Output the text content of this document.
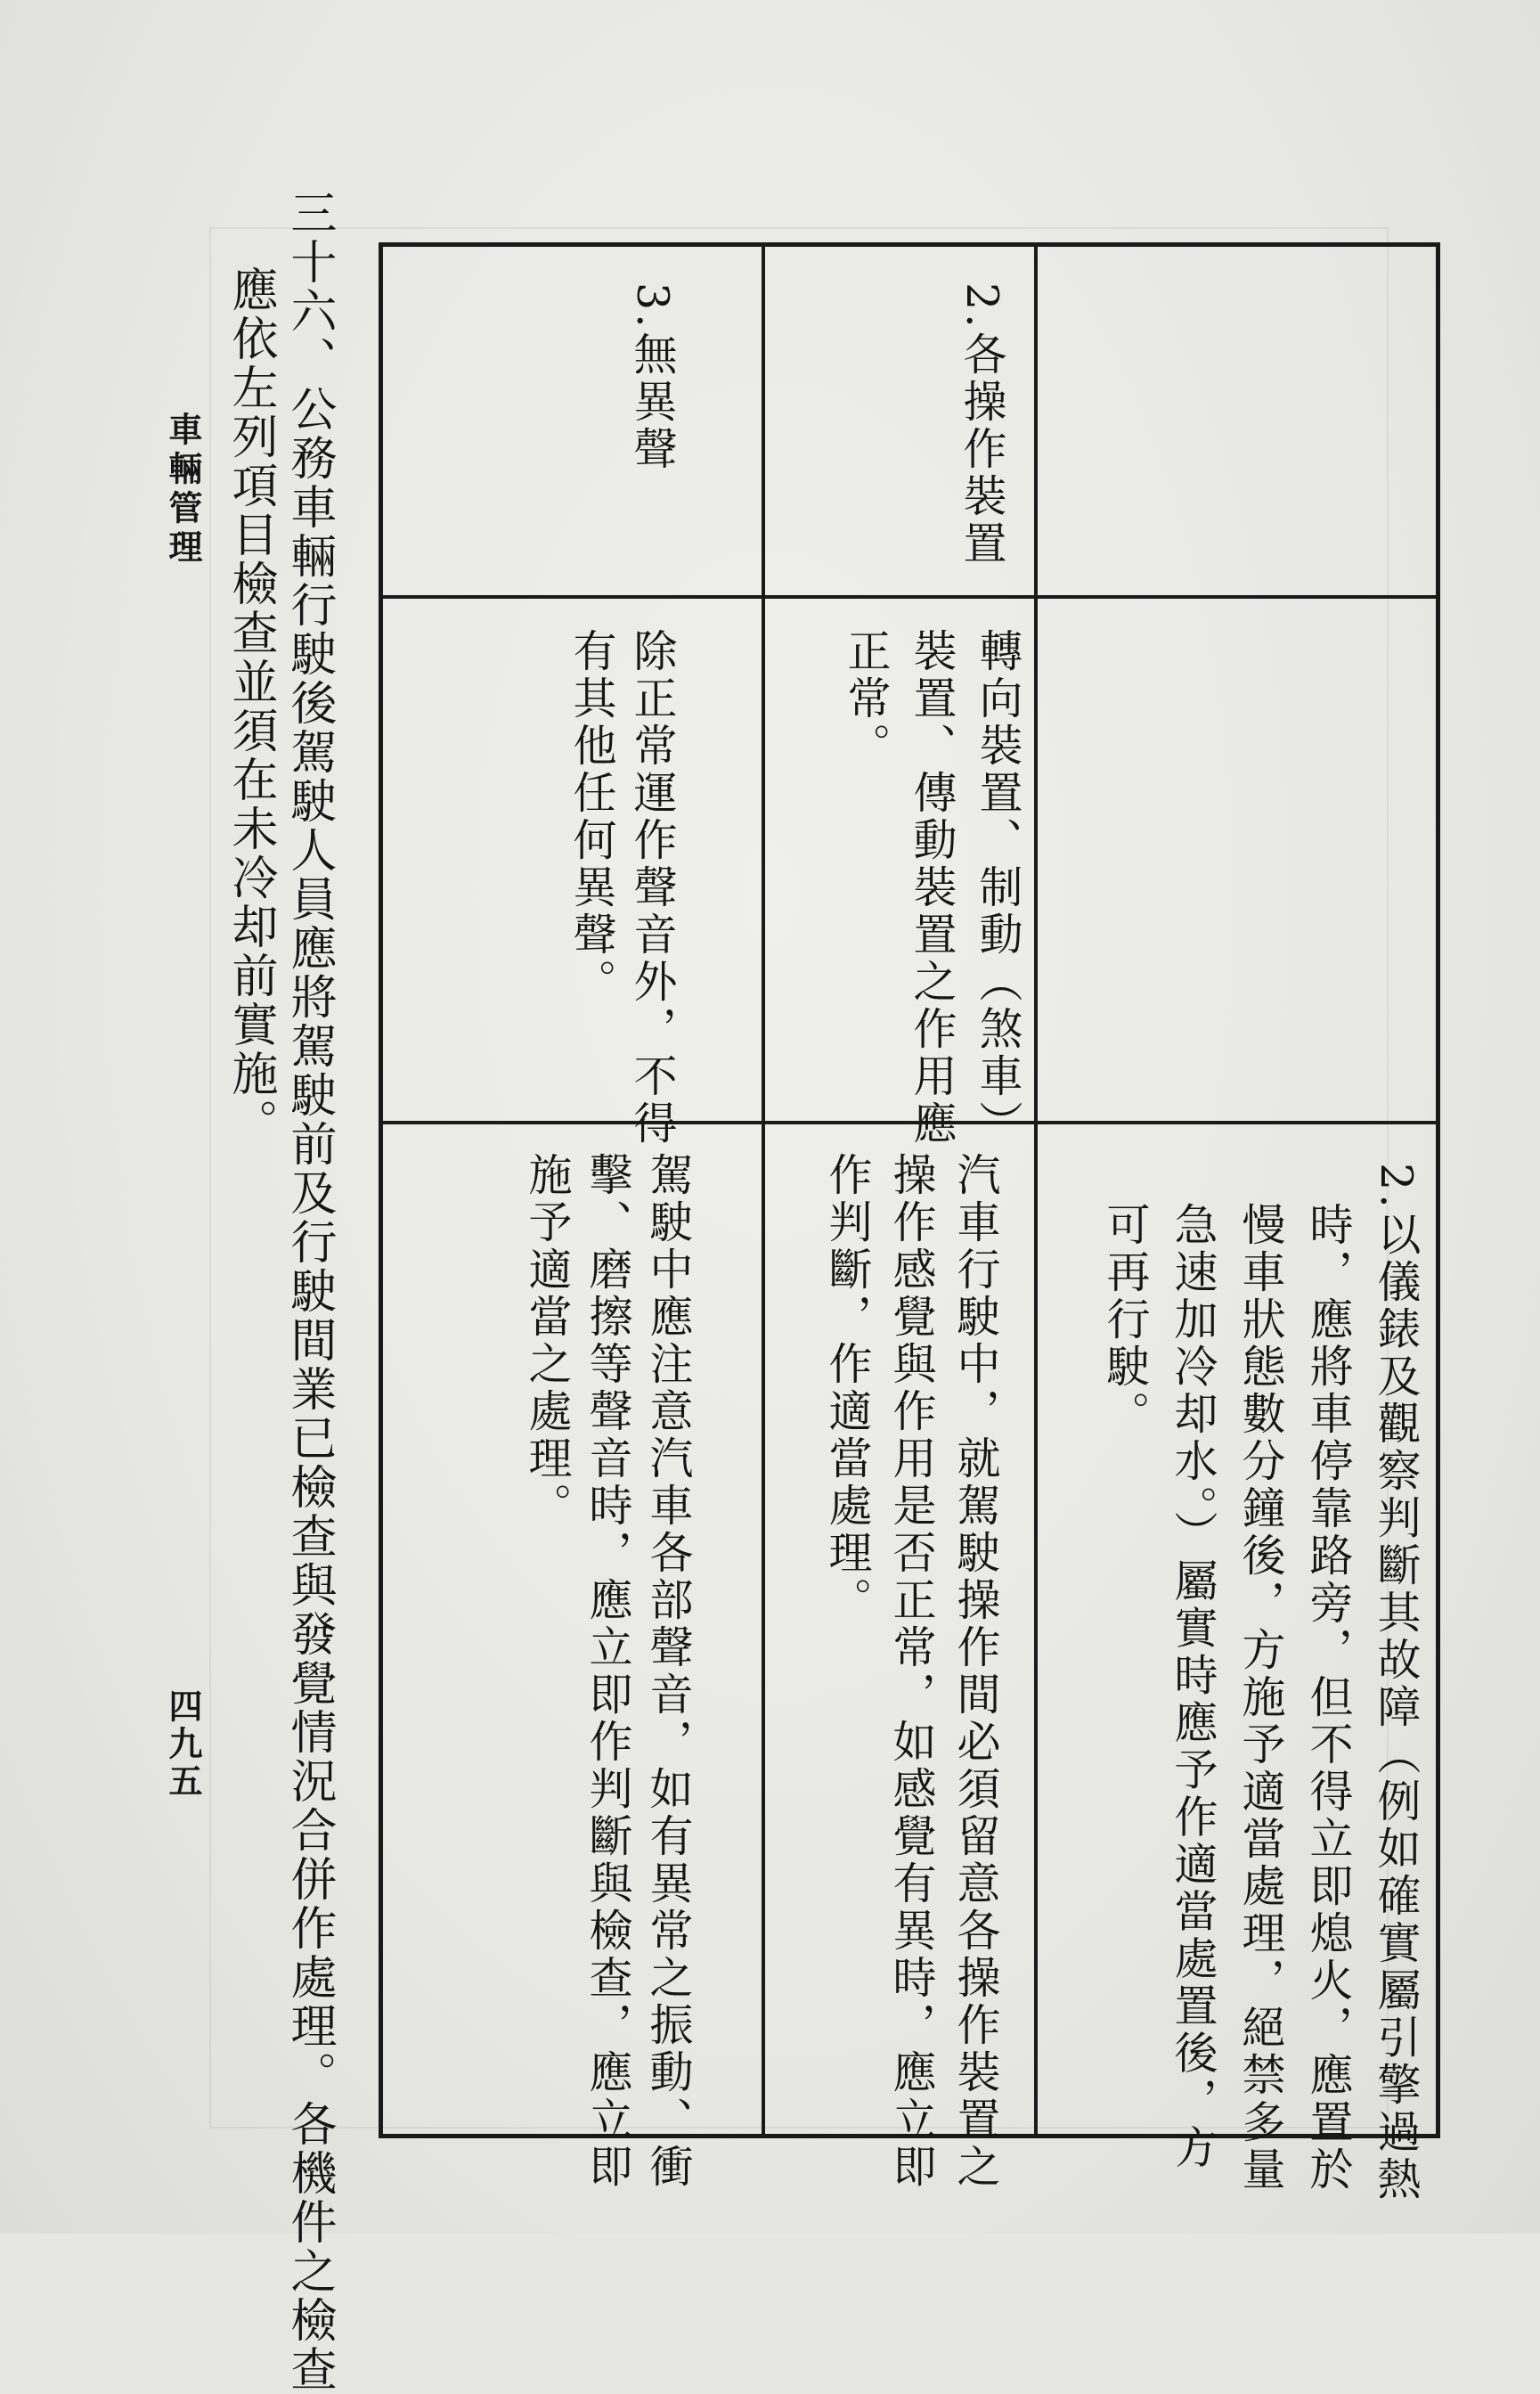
車輛管理
四九五 三十六、公務車輛行駛後駕駛人員應將駕駛前及行駛間業已檢查與發覺情況合併作處理。各機件之檢查
應依左列項目檢查並須在未冷却前實施。	3.無異聲
除正常運作聲音外，不得
有其他任何異聲。
駕駛中應注意汽車各部聲音，如有異常之振動、衝
擊、磨擦等聲音時，應立即作判斷與檢查，應立即
施予適當之處理。
2.各操作裝置
轉向裝置、制動（煞車）
裝置、傳動裝置之作用應
正常。
汽車行駛中，就駕駛操作間必須留意各操作裝置之
操作感覺與作用是否正常，如感覺有異時，應立即
作判斷，作適當處理。	2.以儀錶及觀察判斷其故障（例如確實屬引擎過熱
時，應將車停靠路旁，但不得立即熄火，應置於
慢車狀態數分鐘後，方施予適當處理，絕禁多量
急速加冷却水。）屬實時應予作適當處置後，方
可再行駛。
